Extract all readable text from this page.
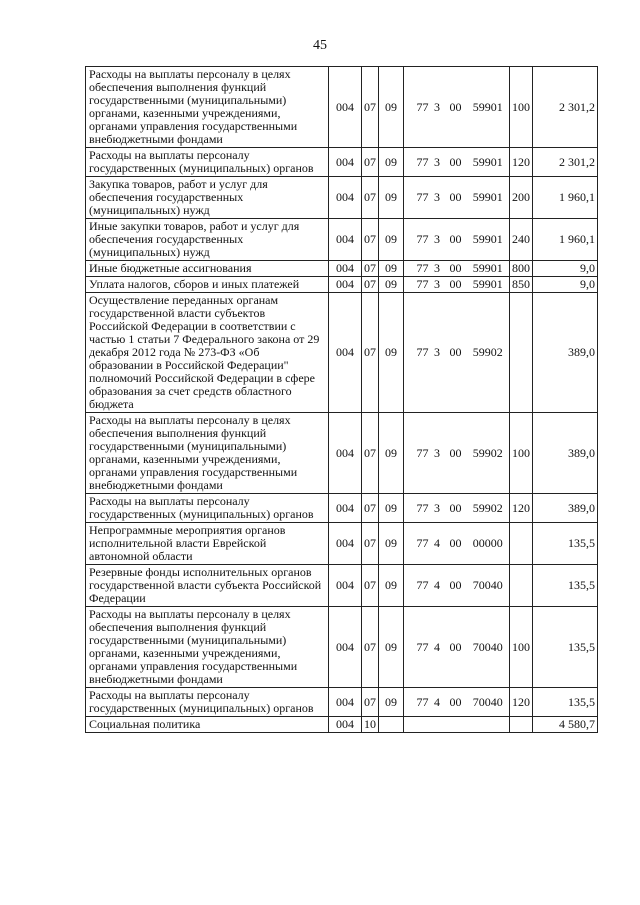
45
Расходы на выплаты персоналу в целях обеспечения выполнения функций государственными (муниципальными) органами, казенными учреждениями, органами управления государственными внебюджетными фондами	004	07	09	77	3	00	59901	100	2 301,2
Расходы на выплаты персоналу государственных (муниципальных) органов	004	07	09	77	3	00	59901	120	2 301,2
Закупка товаров, работ и услуг для обеспечения государственных (муниципальных) нужд	004	07	09	77	3	00	59901	200	1 960,1
Иные закупки товаров, работ и услуг для обеспечения государственных (муниципальных) нужд	004	07	09	77	3	00	59901	240	1 960,1
Иные бюджетные ассигнования	004	07	09	77	3	00	59901	800	9,0
Уплата налогов, сборов и иных платежей	004	07	09	77	3	00	59901	850	9,0
Осуществление переданных органам государственной власти субъектов Российской Федерации в соответствии с частью 1 статьи 7 Федерального закона от 29 декабря 2012 года № 273-ФЗ «Об образовании в Российской Федерации" полномочий Российской Федерации в сфере образования за счет средств областного бюджета	004	07	09	77	3	00	59902		389,0
Расходы на выплаты персоналу в целях обеспечения выполнения функций государственными (муниципальными) органами, казенными учреждениями, органами управления государственными внебюджетными фондами	004	07	09	77	3	00	59902	100	389,0
Расходы на выплаты персоналу государственных (муниципальных) органов	004	07	09	77	3	00	59902	120	389,0
Непрограммные мероприятия органов исполнительной власти Еврейской автономной области	004	07	09	77	4	00	00000		135,5
Резервные фонды исполнительных органов государственной власти субъекта Российской Федерации	004	07	09	77	4	00	70040		135,5
Расходы на выплаты персоналу в целях обеспечения выполнения функций государственными (муниципальными) органами, казенными учреждениями, органами управления государственными внебюджетными фондами	004	07	09	77	4	00	70040	100	135,5
Расходы на выплаты персоналу государственных (муниципальных) органов	004	07	09	77	4	00	70040	120	135,5
Социальная политика	004	10							4 580,7
